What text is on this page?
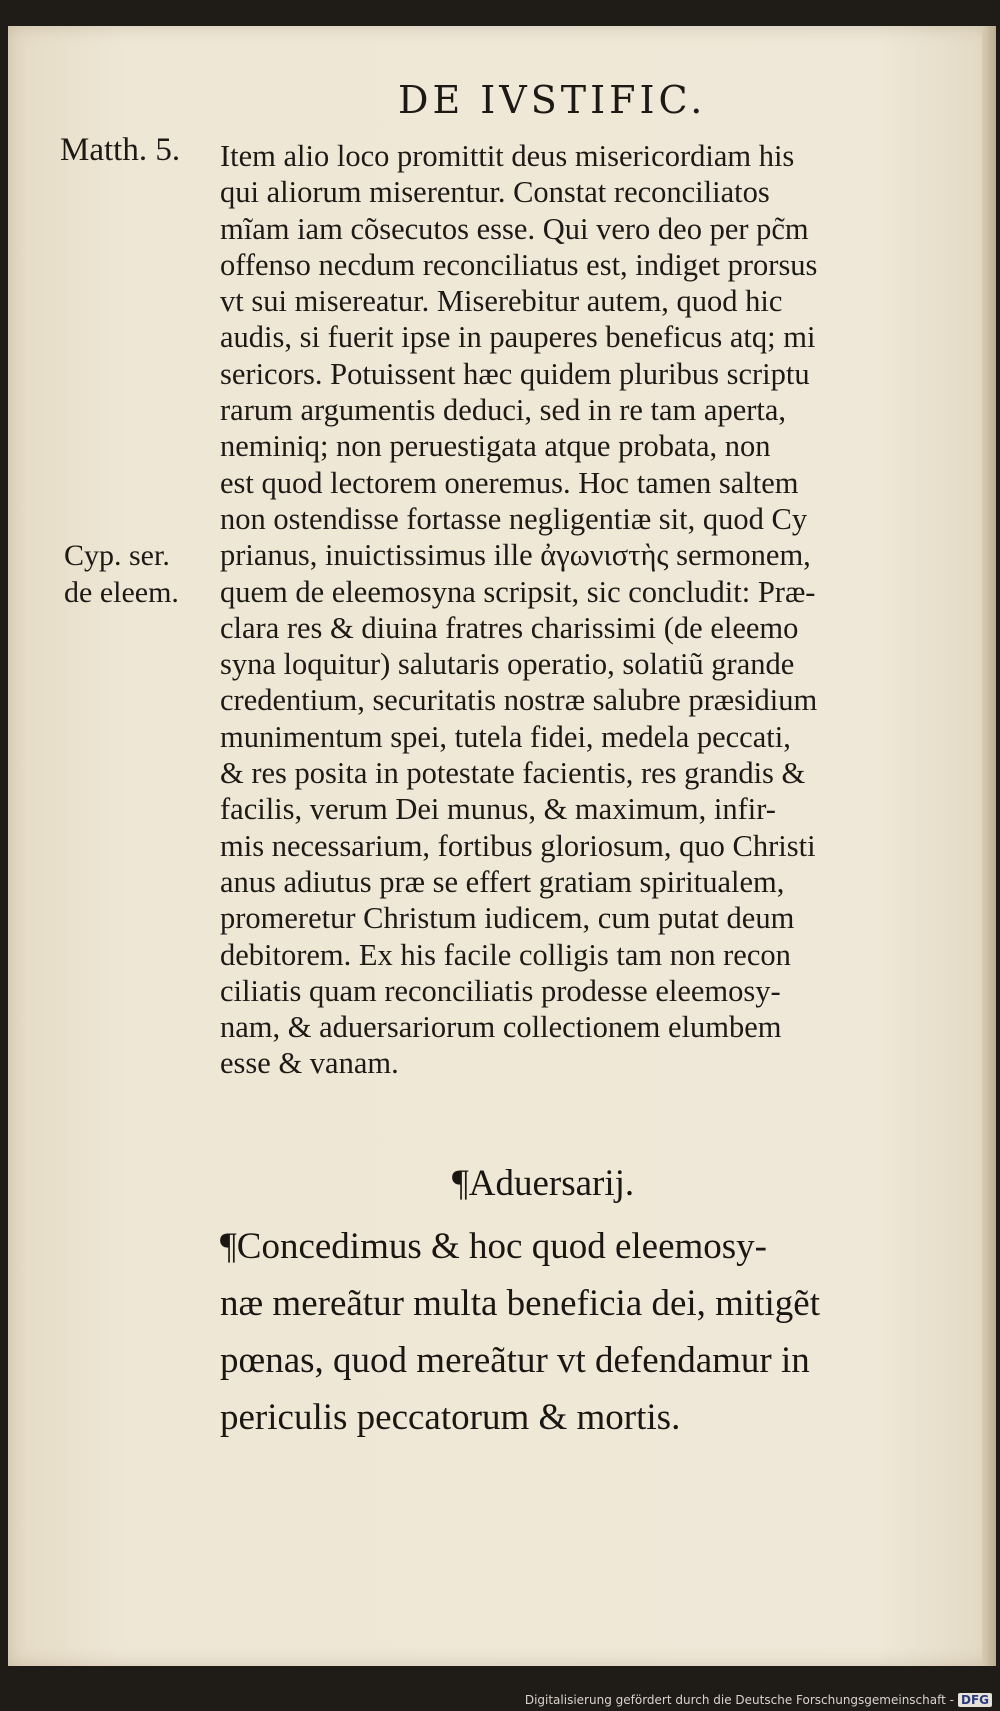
DE IVSTIFIC.
Matth. 5.
Cyp. ser.
de eleem.
Item alio loco promittit deus misericordiam his
qui aliorum miserentur. Constat reconciliatos
mĩam iam cõsecutos esse. Qui vero deo per pc̃m
offenso necdum reconciliatus est, indiget prorsus
vt sui misereatur. Miserebitur autem, quod hic
audis, si fuerit ipse in pauperes beneficus atq; mi
sericors. Potuissent hæc quidem pluribus scriptu
rarum argumentis deduci, sed in re tam aperta,
neminiq; non peruestigata atque probata, non
est quod lectorem oneremus. Hoc tamen saltem
non ostendisse fortasse negligentiæ sit, quod Cy
prianus, inuictissimus ille ἀγωνιστὴς sermonem,
quem de eleemosyna scripsit, sic concludit: Præ-
clara res & diuina fratres charissimi (de eleemo
syna loquitur) salutaris operatio, solatiũ grande
credentium, securitatis nostræ salubre præsidium
munimentum spei, tutela fidei, medela peccati,
& res posita in potestate facientis, res grandis &
facilis, verum Dei munus, & maximum, infir-
mis necessarium, fortibus gloriosum, quo Christi
anus adiutus præ se effert gratiam spiritualem,
promeretur Christum iudicem, cum putat deum
debitorem. Ex his facile colligis tam non recon
ciliatis quam reconciliatis prodesse eleemosy-
nam, & aduersariorum collectionem elumbem
esse & vanam.
¶Aduersarij.
¶Concedimus & hoc quod eleemosy-
næ mereãtur multa beneficia dei, mitigẽt
pœnas, quod mereãtur vt defendamur in
periculis peccatorum & mortis.
Digitalisierung gefördert durch die Deutsche Forschungsgemeinschaft - DFG
